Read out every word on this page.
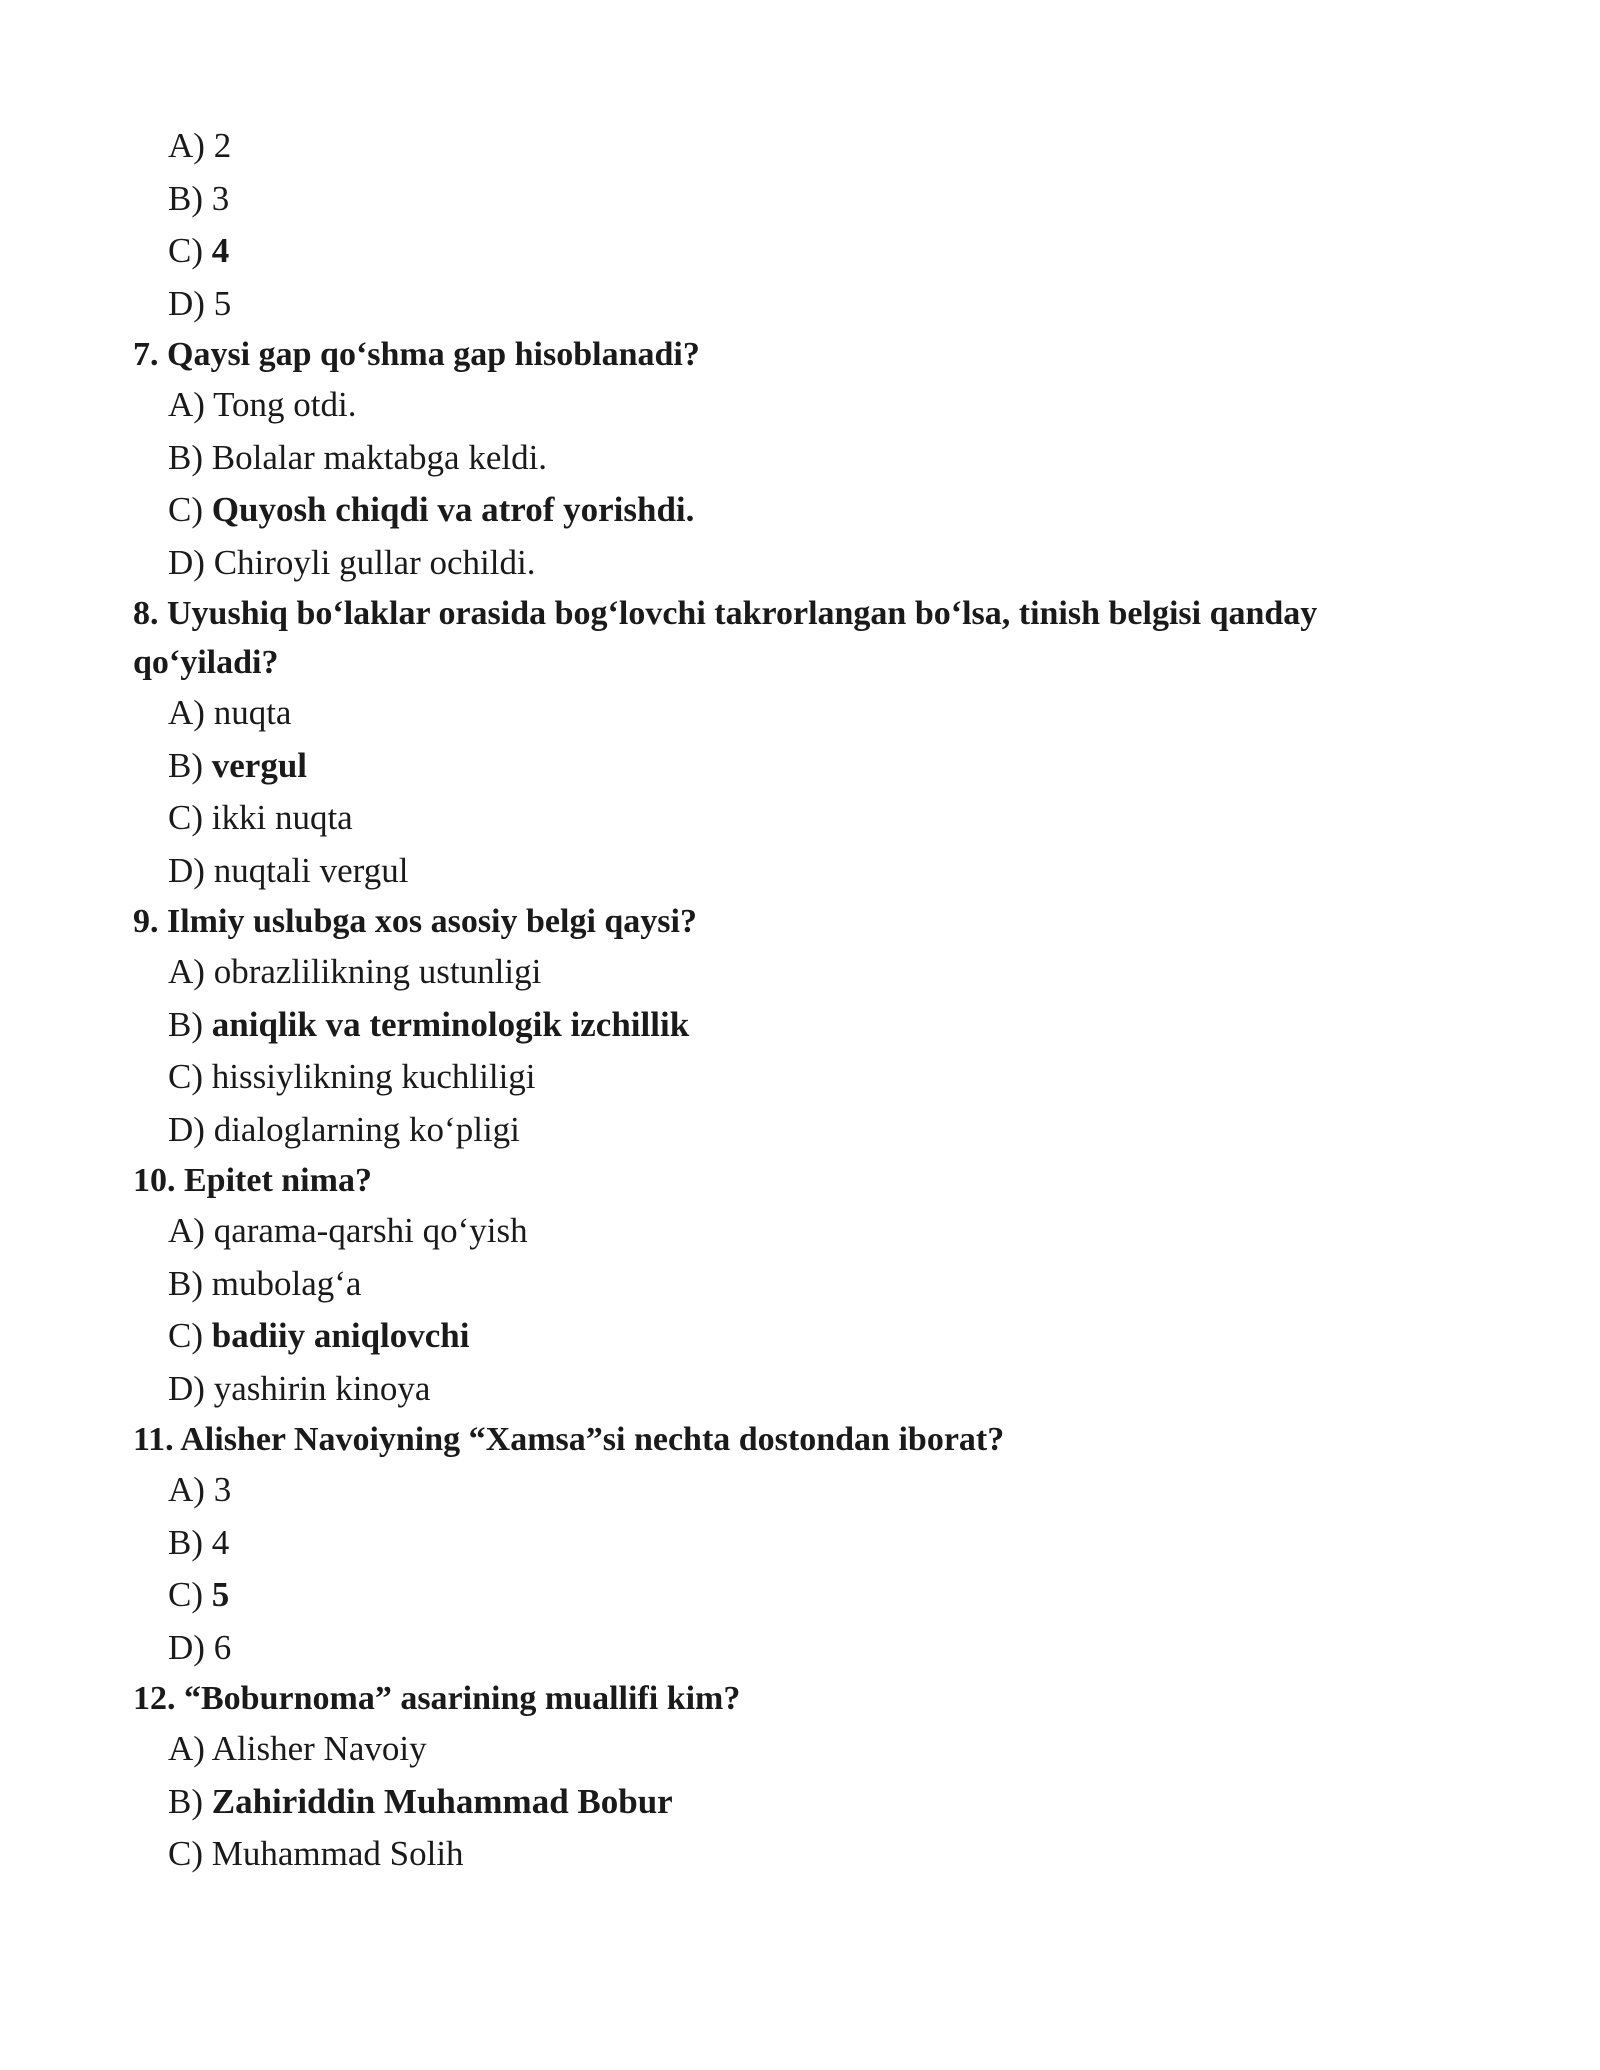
A) 2
B) 3
C) 4
D) 5
7. Qaysi gap qo‘shma gap hisoblanadi?
A) Tong otdi.
B) Bolalar maktabga keldi.
C) Quyosh chiqdi va atrof yorishdi.
D) Chiroyli gullar ochildi.
8. Uyushiq bo‘laklar orasida bog‘lovchi takrorlangan bo‘lsa, tinish belgisi qanday qo‘yiladi?
A) nuqta
B) vergul
C) ikki nuqta
D) nuqtali vergul
9. Ilmiy uslubga xos asosiy belgi qaysi?
A) obrazlilikning ustunligi
B) aniqlik va terminologik izchillik
C) hissiylikning kuchliligi
D) dialoglarning ko‘pligi
10. Epitet nima?
A) qarama-qarshi qo‘yish
B) mubolag‘a
C) badiiy aniqlovchi
D) yashirin kinoya
11. Alisher Navoiyning “Xamsa”si nechta dostondan iborat?
A) 3
B) 4
C) 5
D) 6
12. “Boburnoma” asarining muallifi kim?
A) Alisher Navoiy
B) Zahiriddin Muhammad Bobur
C) Muhammad Solih
